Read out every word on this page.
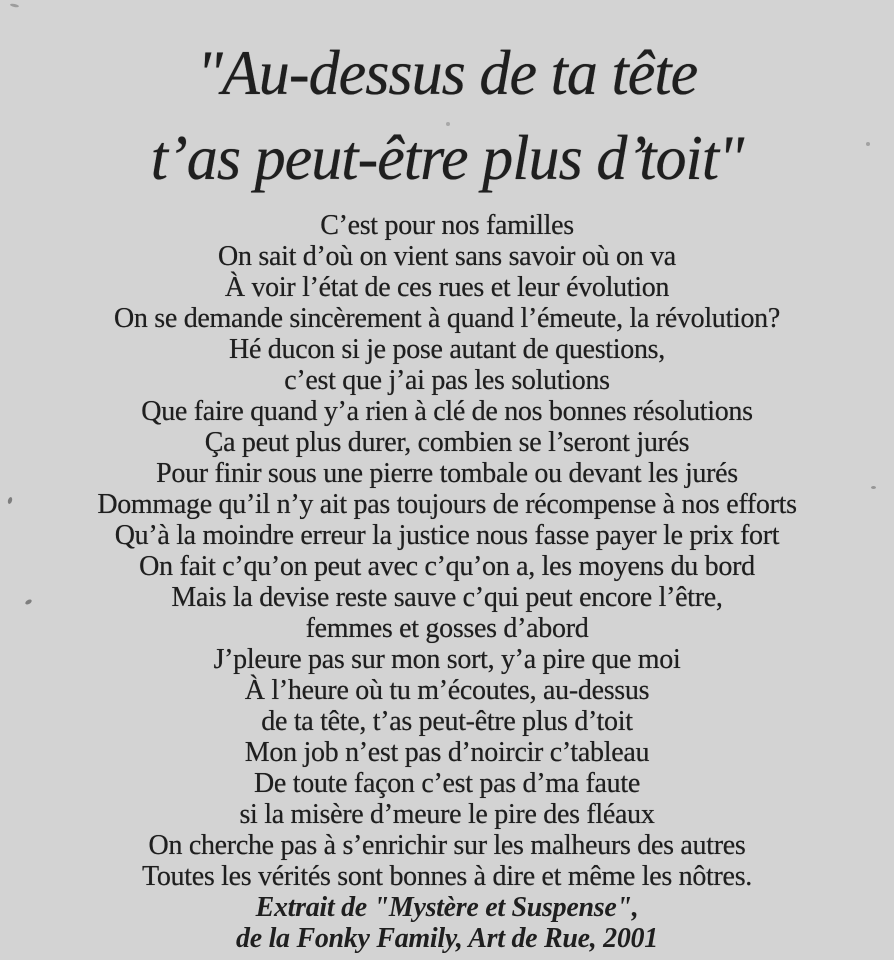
"Au-dessus de ta tête
t’as peut-être plus d’toit"
C’est pour nos familles
On sait d’où on vient sans savoir où on va
À voir l’état de ces rues et leur évolution
On se demande sincèrement à quand l’émeute, la révolution?
Hé ducon si je pose autant de questions,
c’est que j’ai pas les solutions
Que faire quand y’a rien à clé de nos bonnes résolutions
Ça peut plus durer, combien se l’seront jurés
Pour finir sous une pierre tombale ou devant les jurés
Dommage qu’il n’y ait pas toujours de récompense à nos efforts
Qu’à la moindre erreur la justice nous fasse payer le prix fort
On fait c’qu’on peut avec c’qu’on a, les moyens du bord
Mais la devise reste sauve c’qui peut encore l’être,
femmes et gosses d’abord
J’pleure pas sur mon sort, y’a pire que moi
À l’heure où tu m’écoutes, au-dessus
de ta tête, t’as peut-être plus d’toit
Mon job n’est pas d’noircir c’tableau
De toute façon c’est pas d’ma faute
si la misère d’meure le pire des fléaux
On cherche pas à s’enrichir sur les malheurs des autres
Toutes les vérités sont bonnes à dire et même les nôtres.
Extrait de "Mystère et Suspense",
de la Fonky Family, Art de Rue, 2001
